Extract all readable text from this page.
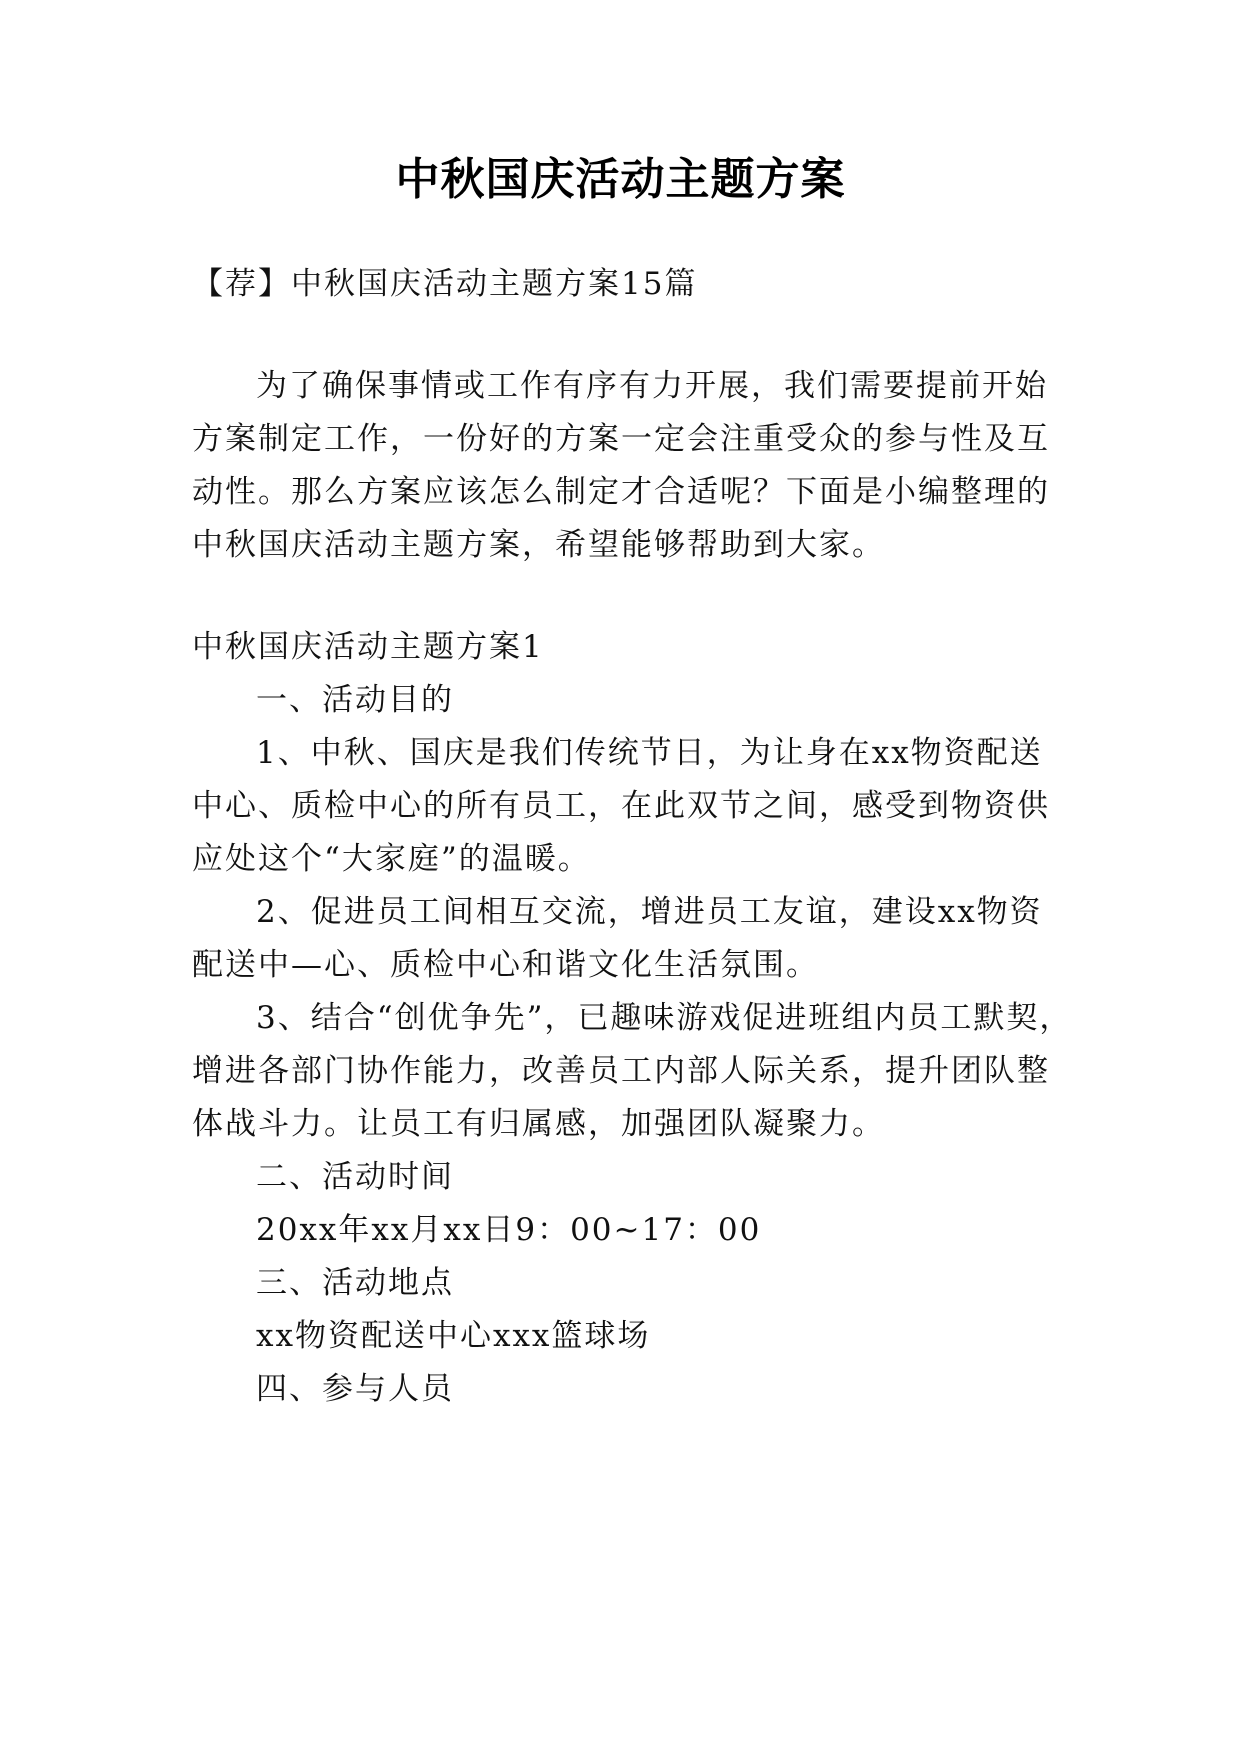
中秋国庆活动主题方案
【荐】中秋国庆活动主题方案15篇
为了确保事情或工作有序有力开展，我们需要提前开始
方案制定工作，一份好的方案一定会注重受众的参与性及互
动性。那么方案应该怎么制定才合适呢？下面是小编整理的
中秋国庆活动主题方案，希望能够帮助到大家。
中秋国庆活动主题方案1
一、活动目的
1、中秋、国庆是我们传统节日，为让身在xx物资配送
中心、质检中心的所有员工，在此双节之间，感受到物资供
应处这个“大家庭”的温暖。
2、促进员工间相互交流，增进员工友谊，建设xx物资
配送中—心、质检中心和谐文化生活氛围。
3、结合“创优争先”，已趣味游戏促进班组内员工默契，
增进各部门协作能力，改善员工内部人际关系，提升团队整
体战斗力。让员工有归属感，加强团队凝聚力。
二、活动时间
20xx年xx月xx日9：00~17：00
三、活动地点
xx物资配送中心xxx篮球场
四、参与人员
